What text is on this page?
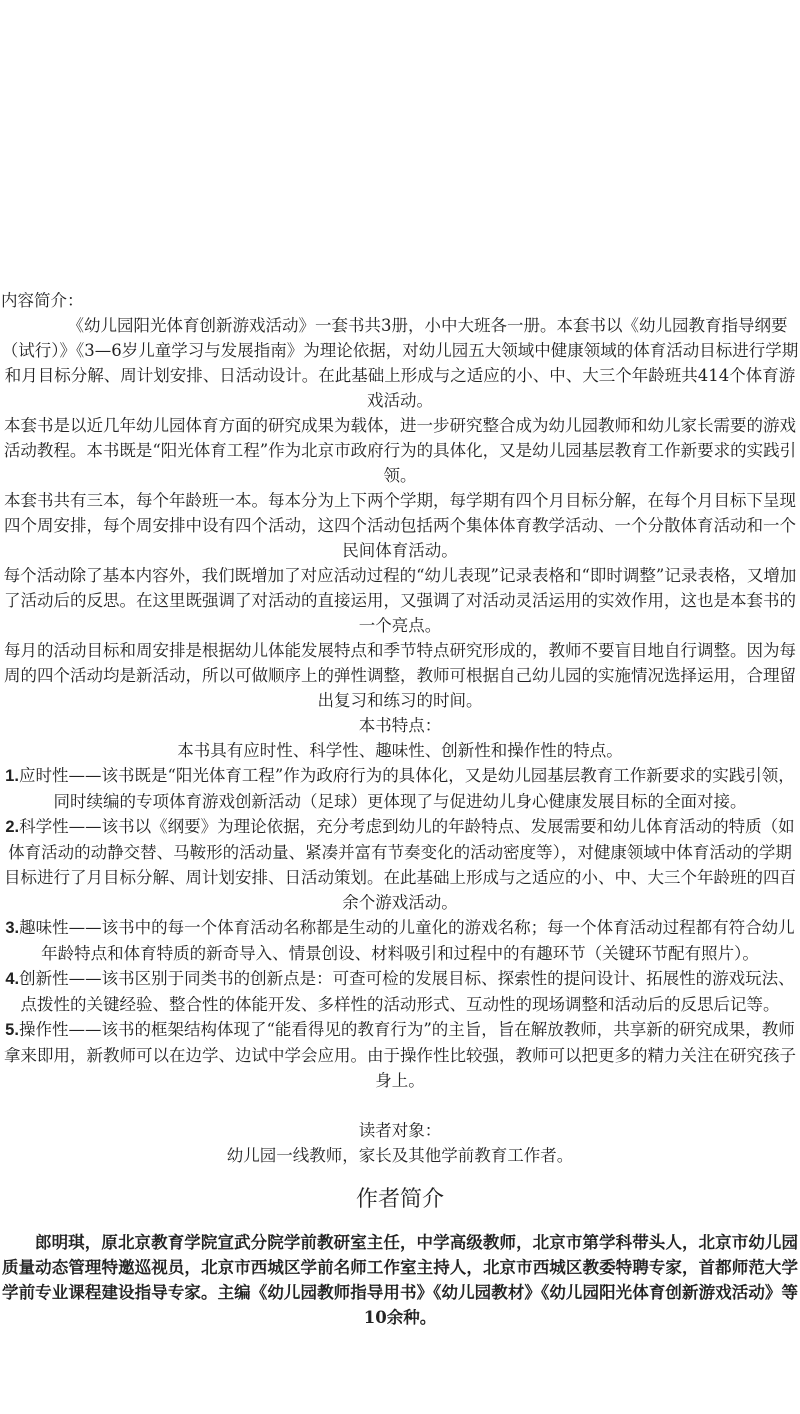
内容简介：

《幼儿园阳光体育创新游戏活动》一套书共3册，小中大班各一册。本套书以《幼儿园教育指导纲要（试行）》《3—6岁儿童学习与发展指南》为理论依据，对幼儿园五大领域中健康领域的体育活动目标进行学期和月目标分解、周计划安排、日活动设计。在此基础上形成与之适应的小、中、大三个年龄班共414个体育游戏活动。

本套书是以近几年幼儿园体育方面的研究成果为载体，进一步研究整合成为幼儿园教师和幼儿家长需要的游戏活动教程。本书既是“阳光体育工程”作为北京市政府行为的具体化，又是幼儿园基层教育工作新要求的实践引领。

本套书共有三本，每个年龄班一本。每本分为上下两个学期，每学期有四个月目标分解，在每个月目标下呈现四个周安排，每个周安排中设有四个活动，这四个活动包括两个集体体育教学活动、一个分散体育活动和一个民间体育活动。

每个活动除了基本内容外，我们既增加了对应活动过程的“幼儿表现”记录表格和“即时调整”记录表格，又增加了活动后的反思。在这里既强调了对活动的直接运用，又强调了对活动灵活运用的实效作用，这也是本套书的一个亮点。

每月的活动目标和周安排是根据幼儿体能发展特点和季节特点研究形成的，教师不要盲目地自行调整。因为每周的四个活动均是新活动，所以可做顺序上的弹性调整，教师可根据自己幼儿园的实施情况选择运用，合理留出复习和练习的时间。

本书特点：

本书具有应时性、科学性、趣味性、创新性和操作性的特点。

1.应时性——该书既是“阳光体育工程”作为政府行为的具体化，又是幼儿园基层教育工作新要求的实践引领，同时续编的专项体育游戏创新活动（足球）更体现了与促进幼儿身心健康发展目标的全面对接。

2.科学性——该书以《纲要》为理论依据，充分考虑到幼儿的年龄特点、发展需要和幼儿体育活动的特质（如体育活动的动静交替、马鞍形的活动量、紧凑并富有节奏变化的活动密度等），对健康领域中体育活动的学期目标进行了月目标分解、周计划安排、日活动策划。在此基础上形成与之适应的小、中、大三个年龄班的四百余个游戏活动。

3.趣味性——该书中的每一个体育活动名称都是生动的儿童化的游戏名称；每一个体育活动过程都有符合幼儿年龄特点和体育特质的新奇导入、情景创设、材料吸引和过程中的有趣环节（关键环节配有照片）。

4.创新性——该书区别于同类书的创新点是：可查可检的发展目标、探索性的提问设计、拓展性的游戏玩法、点拨性的关键经验、整合性的体能开发、多样性的活动形式、互动性的现场调整和活动后的反思后记等。

5.操作性——该书的框架结构体现了“能看得见的教育行为”的主旨，旨在解放教师，共享新的研究成果，教师拿来即用，新教师可以在边学、边试中学会应用。由于操作性比较强，教师可以把更多的精力关注在研究孩子身上。

读者对象：

幼儿园一线教师，家长及其他学前教育工作者。

作者简介

郎明琪，原北京教育学院宣武分院学前教研室主任，中学高级教师，北京市第学科带头人，北京市幼儿园质量动态管理特邀巡视员，北京市西城区学前名师工作室主持人，北京市西城区教委特聘专家，首都师范大学学前专业课程建设指导专家。主编《幼儿园教师指导用书》《幼儿园教材》《幼儿园阳光体育创新游戏活动》等10余种。
